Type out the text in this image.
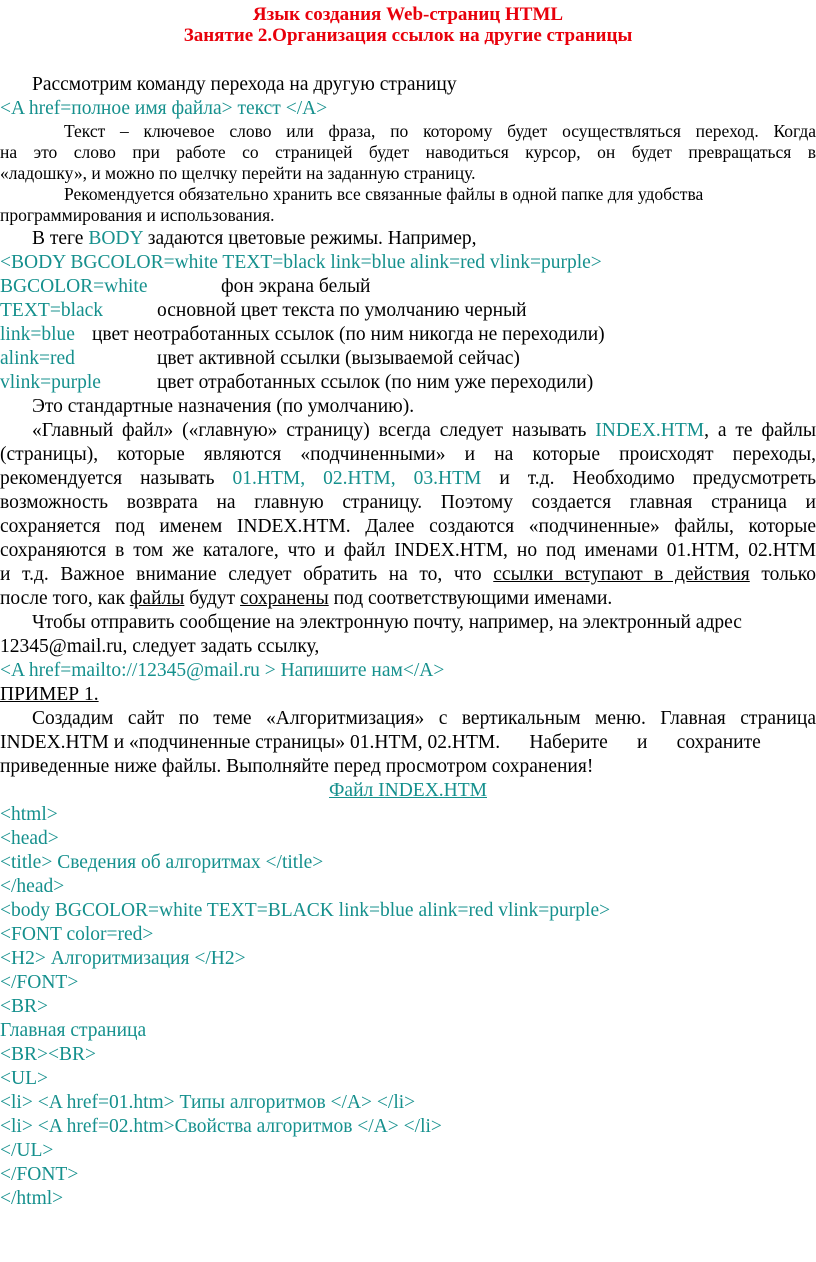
Язык создания Web-страниц HTML

Занятие 2.Организация ссылок на другие страницы

Рассмотрим команду перехода на другую страницу
<A href=полное имя файла> текст </A>
Текст – ключевое слово или фраза, по которому будет осуществляться переход. Когда
на это слово при работе со страницей будет наводиться курсор, он будет превращаться в
«ладошку», и можно по щелчку перейти на заданную страницу.
Рекомендуется обязательно хранить все связанные файлы в одной папке для удобства
программирования и использования.
В теге BODY задаются цветовые режимы. Например,
<BODY BGCOLOR=white TEXT=black link=blue alink=red vlink=purple>
BGCOLOR=white	фон экрана белый
TEXT=black	основной цвет текста по умолчанию черный
link=blue цвет неотработанных ссылок (по ним никогда не переходили)
alink=red	цвет активной ссылки (вызываемой сейчас)
vlink=purple	цвет отработанных ссылок (по ним уже переходили)
Это стандартные назначения (по умолчанию).
«Главный файл» («главную» страницу) всегда следует называть INDEX.HTM, а те файлы
(страницы), которые являются «подчиненными» и на которые происходят переходы,
рекомендуется называть 01.HTM, 02.HTM, 03.HTM и т.д. Необходимо предусмотреть
возможность возврата на главную страницу. Поэтому создается главная страница и
сохраняется под именем INDEX.HTM. Далее создаются «подчиненные» файлы, которые
сохраняются в том же каталоге, что и файл INDEX.HTM, но под именами 01.HTM, 02.HTM
и т.д. Важное внимание следует обратить на то, что ссылки вступают в действия только
после того, как файлы будут сохранены под соответствующими именами.
Чтобы отправить сообщение на электронную почту, например, на электронный адрес
12345@mail.ru, следует задать ссылку,
<A href=mailto://12345@mail.ru > Напишите нам</A>
ПРИМЕР 1.
Создадим сайт по теме «Алгоритмизация» с вертикальным меню. Главная страница
INDEX.HTM и «подчиненные страницы» 01.HTM, 02.HTM.      Наберите      и      сохраните
приведенные ниже файлы. Выполняйте перед просмотром сохранения!
Файл INDEX.HTM
<html>
<head>
<title> Сведения об алгоритмах </title>
</head>
<body BGCOLOR=white TEXT=BLACK link=blue alink=red vlink=purple>
<FONT color=red>
<H2> Алгоритмизация </H2>
</FONT>
<BR>
Главная страница
<BR><BR>
<UL>
<li> <A href=01.htm> Типы алгоритмов </A> </li>
<li> <A href=02.htm>Свойства алгоритмов </A> </li>
</UL>
</FONT>
</html>
